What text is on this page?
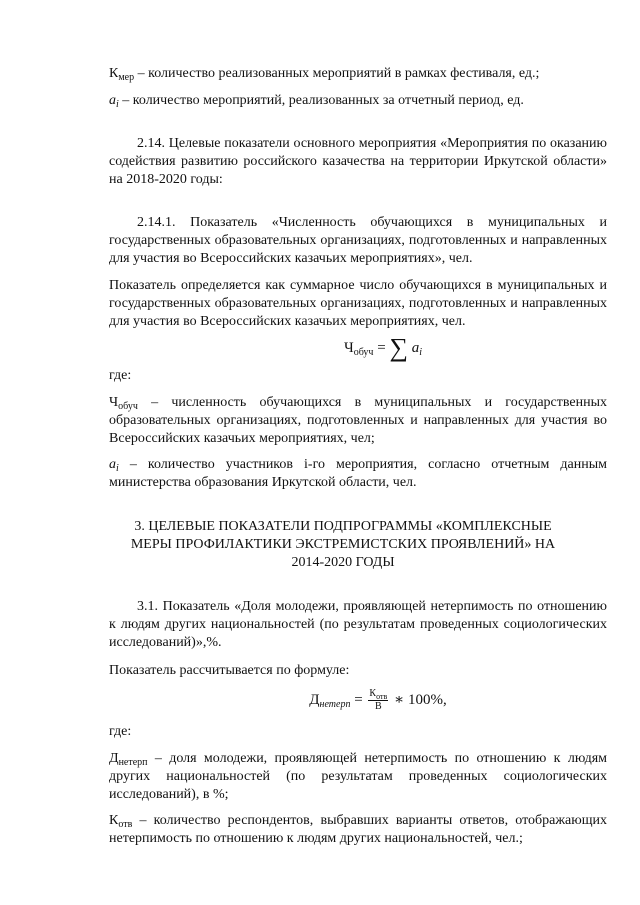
$К_{мер}$ – количество реализованных мероприятий в рамках фестиваля, ед.;

$a_i$ – количество мероприятий, реализованных за отчетный период, ед.

2.14. Целевые показатели основного мероприятия «Мероприятия по оказанию содействия развитию российского казачества на территории Иркутской области» на 2018-2020 годы:

2.14.1. Показатель «Численность обучающихся в муниципальных и государственных образовательных организациях, подготовленных и направленных для участия во Всероссийских казачьих мероприятиях», чел.

Показатель определяется как суммарное число обучающихся в муниципальных и государственных образовательных организациях, подготовленных и направленных для участия во Всероссийских казачьих мероприятиях, чел.

$Ч_{обуч}$ = ∑ $a_i$

где:

$Ч_{обуч}$ – численность обучающихся в муниципальных и государственных образовательных организациях, подготовленных и направленных для участия во Всероссийских казачьих мероприятиях, чел;

$a_i$ – количество участников i-го мероприятия, согласно отчетным данным министерства образования Иркутской области, чел.

3. ЦЕЛЕВЫЕ ПОКАЗАТЕЛИ ПОДПРОГРАММЫ «КОМПЛЕКСНЫЕ
МЕРЫ ПРОФИЛАКТИКИ ЭКСТРЕМИСТСКИХ ПРОЯВЛЕНИЙ» НА
2014-2020 ГОДЫ

3.1. Показатель «Доля молодежи, проявляющей нетерпимость по отношению к людям других национальностей (по результатам проведенных социологических исследований)»,%.

Показатель рассчитывается по формуле:

$Д_{нетерп} = \frac{К_{отв}}{В}$ ∗ 100%,

где:

$Д_{нетерп}$ – доля молодежи, проявляющей нетерпимость по отношению к людям других национальностей (по результатам проведенных социологических исследований), в %;

$К_{отв}$ – количество респондентов, выбравших варианты ответов, отображающих нетерпимость по отношению к людям других национальностей, чел.;
